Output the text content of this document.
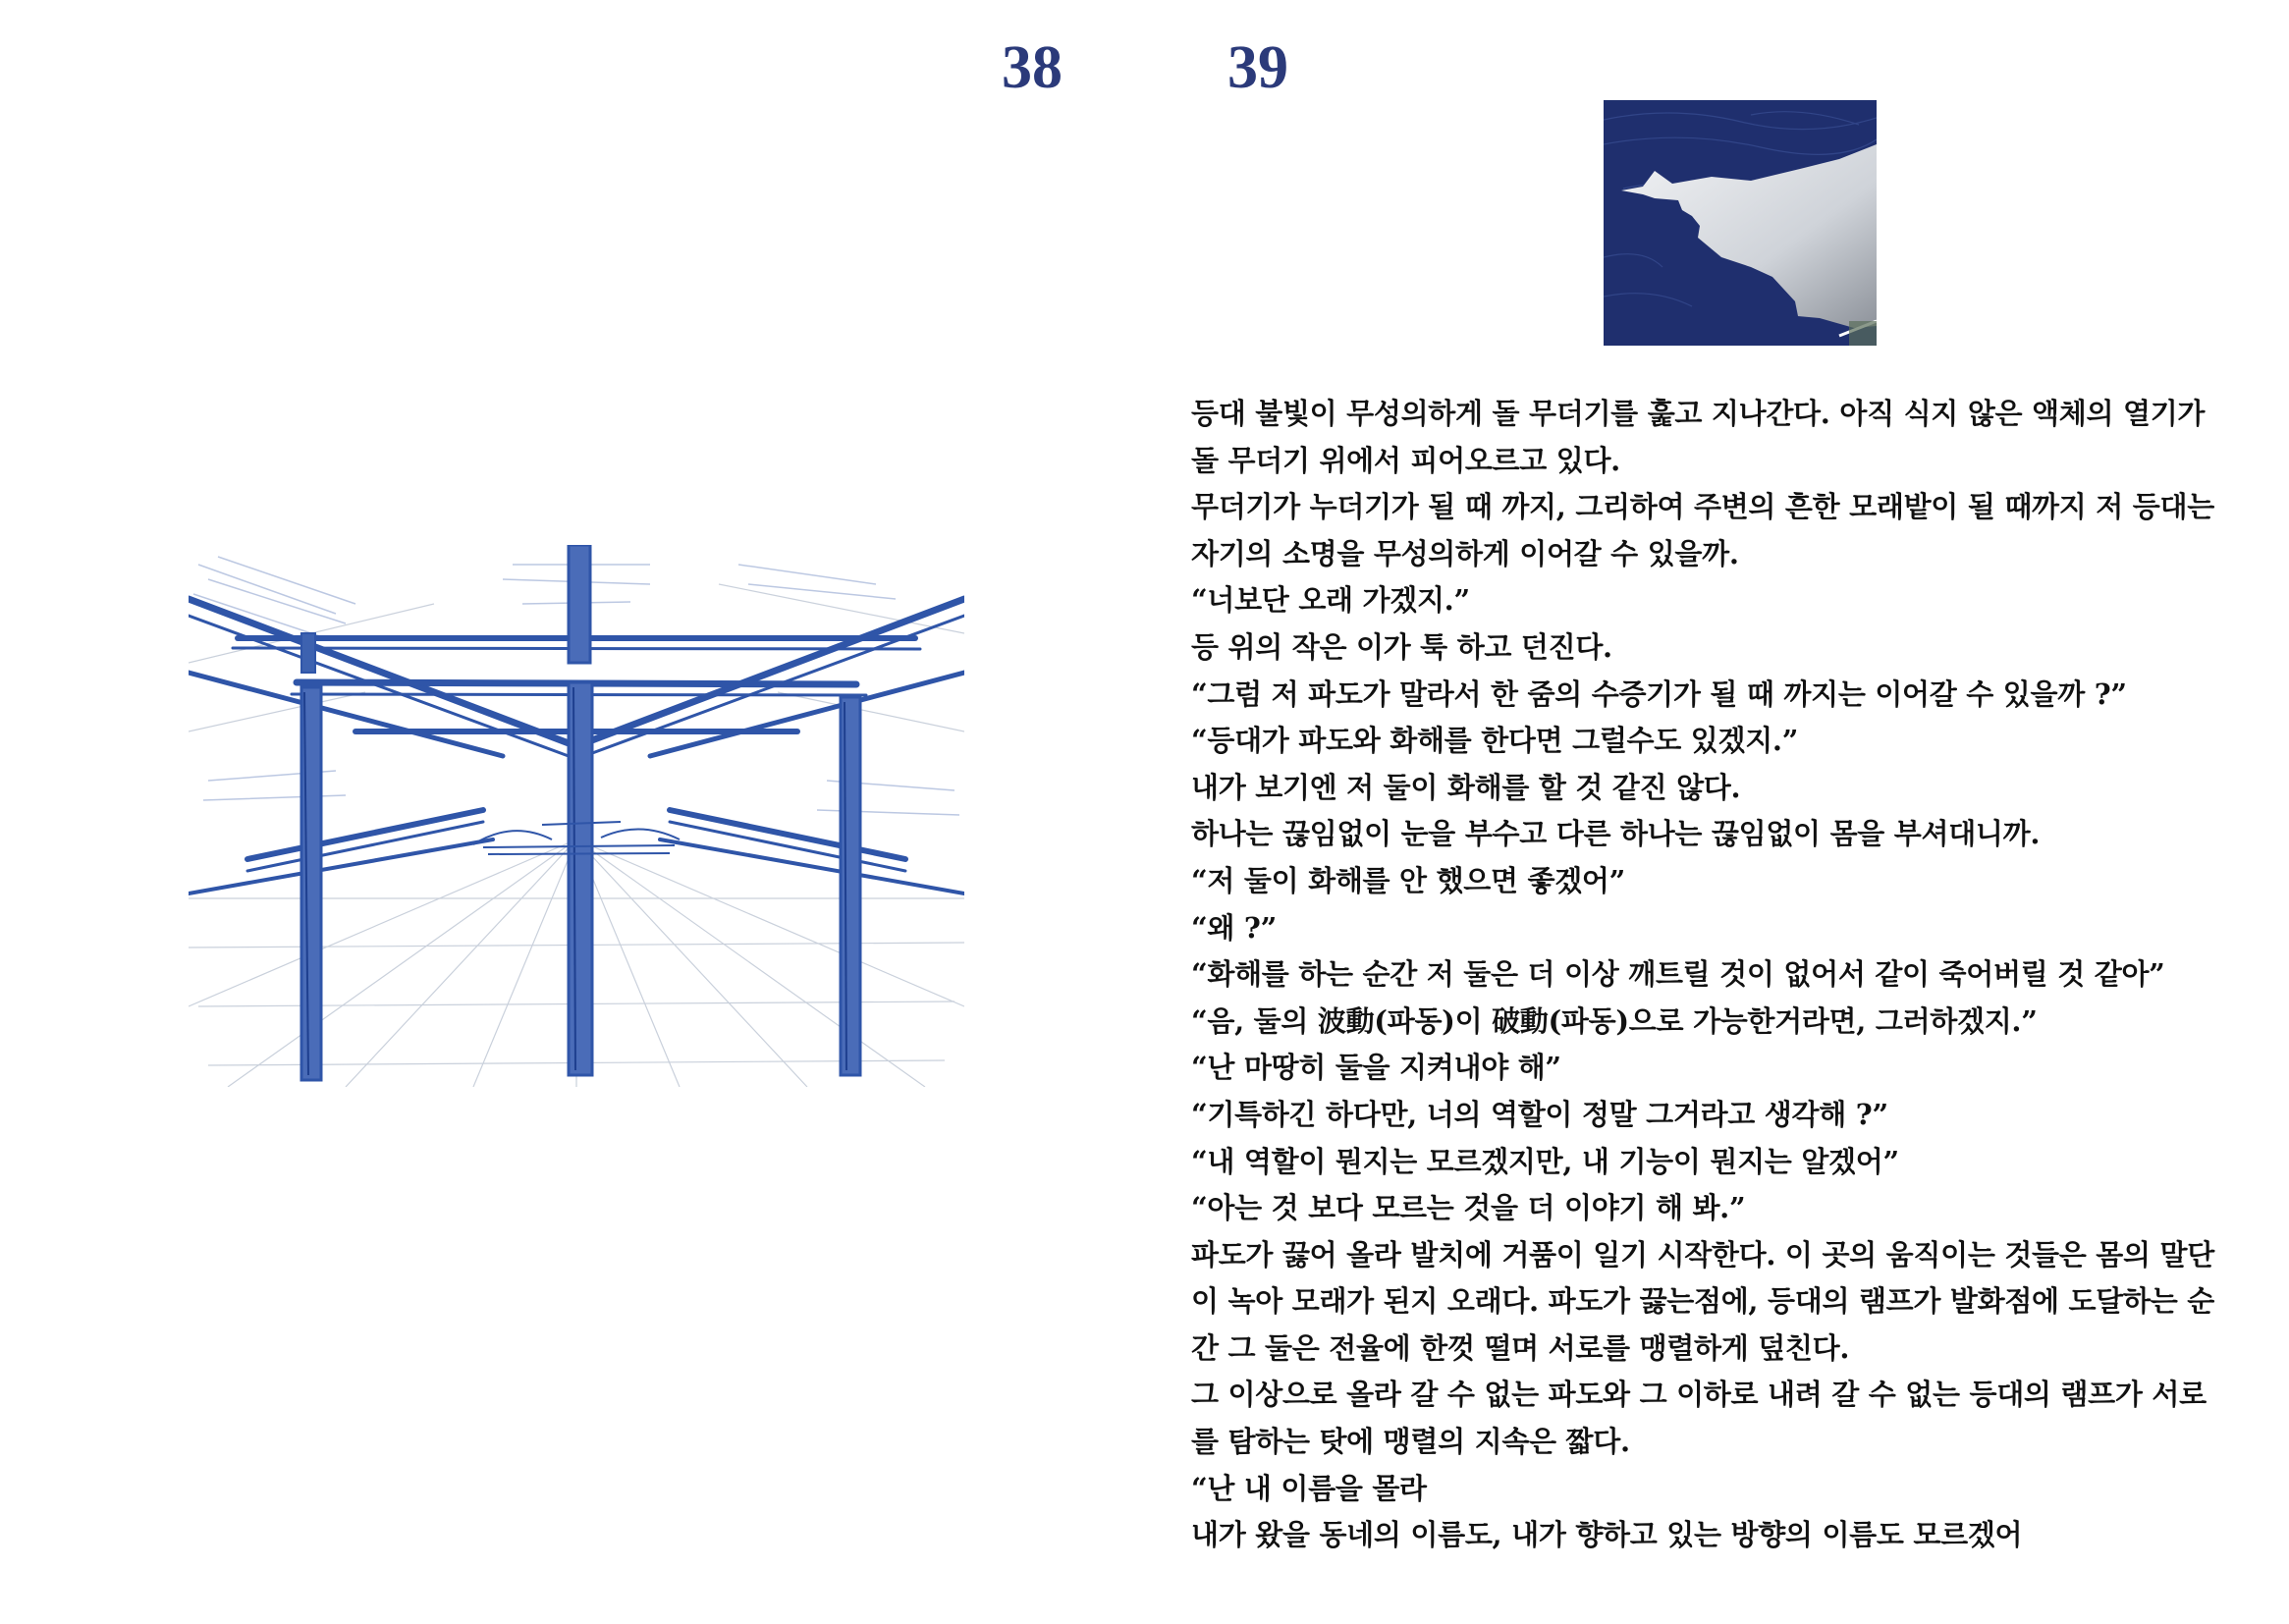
38	39

등대 불빛이 무성의하게 돌 무더기를 훑고 지나간다. 아직 식지 않은 액체의 열기가

돌 무더기 위에서 피어오르고 있다.

무더기가 누더기가 될 때 까지, 그리하여 주변의 흔한 모래밭이 될 때까지 저 등대는

자기의 소명을 무성의하게 이어갈 수 있을까.

“너보단 오래 가겠지.”

등 위의 작은 이가 툭 하고 던진다.

“그럼 저 파도가 말라서 한 줌의 수증기가 될 때 까지는 이어갈 수 있을까 ?”

“등대가 파도와 화해를 한다면 그럴수도 있겠지.”

내가 보기엔 저 둘이 화해를 할 것 같진 않다.

하나는 끊임없이 눈을 부수고 다른 하나는 끊임없이 몸을 부셔대니까.

“저 둘이 화해를 안 했으면 좋겠어”

“왜 ?”

“화해를 하는 순간 저 둘은 더 이상 깨트릴 것이 없어서 같이 죽어버릴 것 같아”

“음, 둘의 波動(파동)이 破動(파동)으로 가능한거라면, 그러하겠지.”

“난 마땅히 둘을 지켜내야 해”

“기특하긴 하다만, 너의 역할이 정말 그거라고 생각해 ?”

“내 역할이 뭔지는 모르겠지만, 내 기능이 뭔지는 알겠어”

“아는 것 보다 모르는 것을 더 이야기 해 봐.”

파도가 끓어 올라 발치에 거품이 일기 시작한다. 이 곳의 움직이는 것들은 몸의 말단

이 녹아 모래가 된지 오래다. 파도가 끓는점에, 등대의 램프가 발화점에 도달하는 순

간 그 둘은 전율에 한껏 떨며 서로를 맹렬하게 덮친다.

그 이상으로 올라 갈 수 없는 파도와 그 이하로 내려 갈 수 없는 등대의 램프가 서로

를 탐하는 탓에 맹렬의 지속은 짧다.

“난 내 이름을 몰라

내가 왔을 동네의 이름도, 내가 향하고 있는 방향의 이름도 모르겠어
